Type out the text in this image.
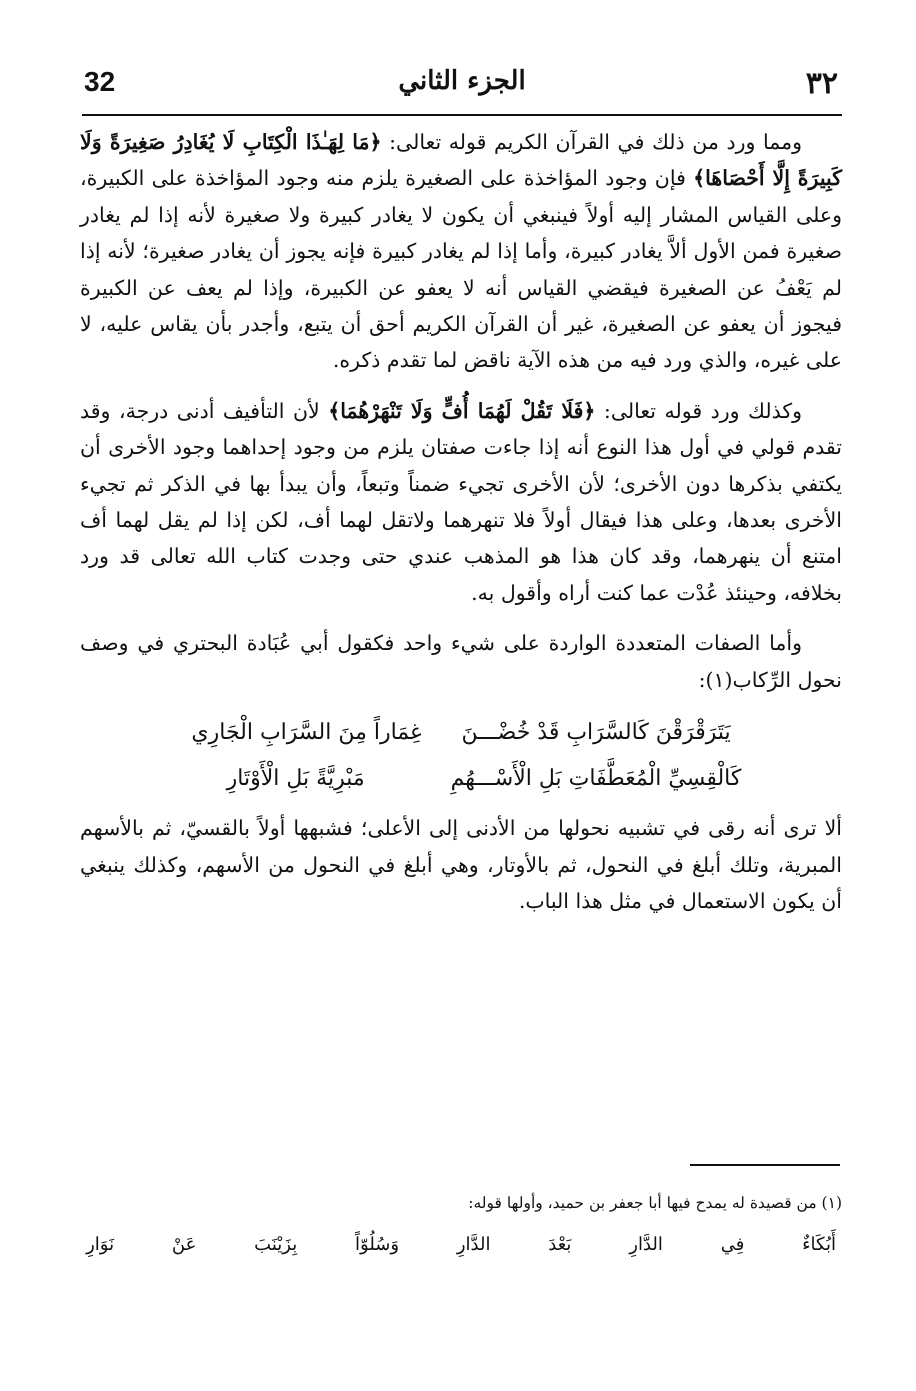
32	الجزء الثاني	٣٢

ومما ورد من ذلك في القرآن الكريم قوله تعالى: ﴿مَا لِهَـٰذَا الْكِتَابِ لَا يُغَادِرُ صَغِيرَةً وَلَا كَبِيرَةً إِلَّا أَحْصَاهَا﴾ فإن وجود المؤاخذة على الصغيرة يلزم منه وجود المؤاخذة على الكبيرة، وعلى القياس المشار إليه أولاً فينبغي أن يكون لا يغادر كبيرة ولا صغيرة لأنه إذا لم يغادر صغيرة فمن الأول ألاَّ يغادر كبيرة، وأما إذا لم يغادر كبيرة فإنه يجوز أن يغادر صغيرة؛ لأنه إذا لم يَعْفُ عن الصغيرة فيقضي القياس أنه لا يعفو عن الكبيرة، وإذا لم يعف عن الكبيرة فيجوز أن يعفو عن الصغيرة، غير أن القرآن الكريم أحق أن يتبع، وأجدر بأن يقاس عليه، لا على غيره، والذي ورد فيه من هذه الآية ناقض لما تقدم ذكره.

وكذلك ورد قوله تعالى: ﴿فَلَا تَقُلْ لَهُمَا أُفٍّ وَلَا تَنْهَرْهُمَا﴾ لأن التأفيف أدنى درجة، وقد تقدم قولي في أول هذا النوع أنه إذا جاءت صفتان يلزم من وجود إحداهما وجود الأخرى أن يكتفي بذكرها دون الأخرى؛ لأن الأخرى تجيء ضمناً وتبعاً، وأن يبدأ بها في الذكر ثم تجيء الأخرى بعدها، وعلى هذا فيقال أولاً فلا تنهرهما ولاتقل لهما أف، لكن إذا لم يقل لهما أف امتنع أن ينهرهما، وقد كان هذا هو المذهب عندي حتى وجدت كتاب الله تعالى قد ورد بخلافه، وحينئذ عُدْت عما كنت أراه وأقول به.

وأما الصفات المتعددة الواردة على شيء واحد فكقول أبي عُبَادة البحتري في وصف نحول الرِّكاب(١):

يَتَرَقْرَقْنَ كَالسَّرَابِ قَدْ خُضْـــنَ
غِمَاراً مِنَ السَّرَابِ الْجَارِي
كَالْقِسِيِّ الْمُعَطَّفَاتِ بَلِ الْأَسْـــهُمِ
مَبْرِيَّةً بَلِ الْأَوْتَارِ

ألا ترى أنه رقى في تشبيه نحولها من الأدنى إلى الأعلى؛ فشبهها أولاً بالقسيّ، ثم بالأسهم المبرية، وتلك أبلغ في النحول، ثم بالأوتار، وهي أبلغ في النحول من الأسهم، وكذلك ينبغي أن يكون الاستعمال في مثل هذا الباب.

(١) من قصيدة له يمدح فيها أبا جعفر بن حميد، وأولها قوله:

أَبُكَاءٌ
فِي
الدَّارِ
بَعْدَ
الدَّارِ
وَسُلُوّاً
بِزَيْنَبَ
عَنْ
نَوَارِ
